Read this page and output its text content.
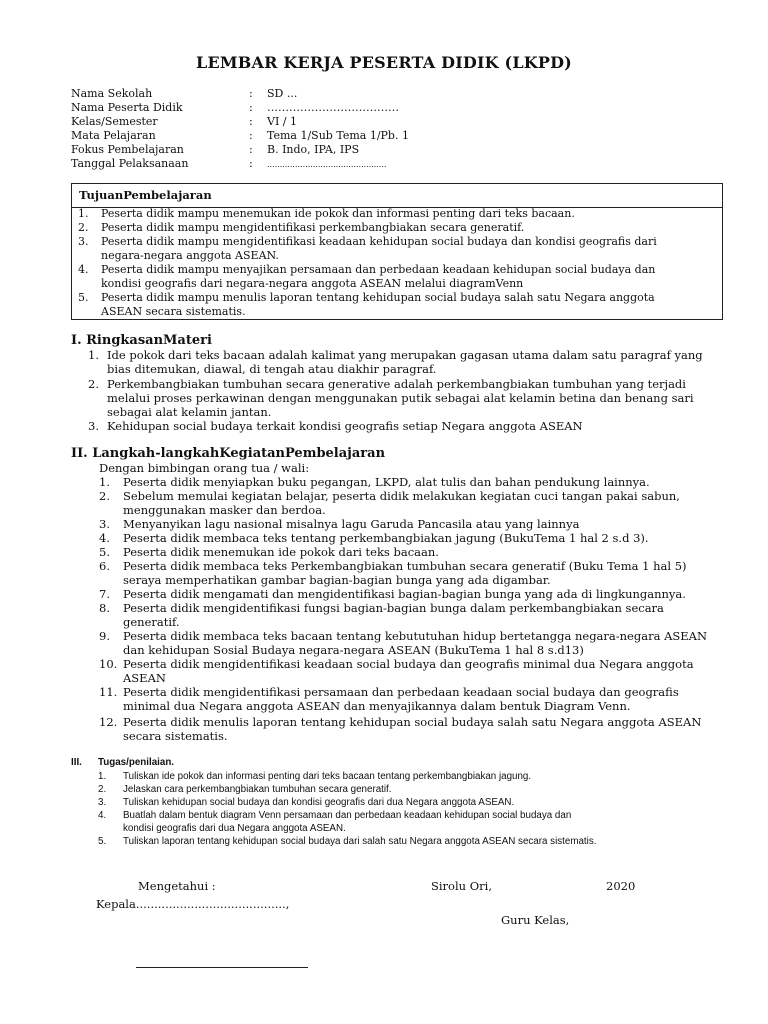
LEMBAR KERJA PESERTA DIDIK (LKPD)
Nama Sekolah	: SD ...
Nama Peserta Didik	: ………………………………
Kelas/Semester	: VI / 1
Mata Pelajaran	: Tema 1/Sub Tema 1/Pb. 1
Fokus Pembelajaran	: B. Indo, IPA, IPS
Tanggal Pelaksanaan	: ...............................................
TujuanPembelajaran
1. Peserta didik mampu menemukan ide pokok dan informasi penting dari teks bacaan.
2. Peserta didik mampu mengidentifikasi perkembangbiakan secara generatif.
3. Peserta didik mampu mengidentifikasi keadaan kehidupan social budaya dan kondisi geografis dari
negara-negara anggota ASEAN.
4. Peserta didik mampu menyajikan persamaan dan perbedaan keadaan kehidupan social budaya dan
kondisi geografis dari negara-negara anggota ASEAN melalui diagramVenn
5. Peserta didik mampu menulis laporan tentang kehidupan social budaya salah satu Negara anggota
ASEAN secara sistematis.
I. RingkasanMateri
1. Ide pokok dari teks bacaan adalah kalimat yang merupakan gagasan utama dalam satu paragraf yang
bias ditemukan, diawal, di tengah atau diakhir paragraf.
2. Perkembangbiakan tumbuhan secara generative adalah perkembangbiakan tumbuhan yang terjadi
melalui proses perkawinan dengan menggunakan putik sebagai alat kelamin betina dan benang sari
sebagai alat kelamin jantan.
3. Kehidupan social budaya terkait kondisi geografis setiap Negara anggota ASEAN
II. Langkah-langkahKegiatanPembelajaran
Dengan bimbingan orang tua / wali:
1. Peserta didik menyiapkan buku pegangan, LKPD, alat tulis dan bahan pendukung lainnya.
2. Sebelum memulai kegiatan belajar, peserta didik melakukan kegiatan cuci tangan pakai sabun,
menggunakan masker dan berdoa.
3. Menyanyikan lagu nasional misalnya lagu Garuda Pancasila atau yang lainnya
4. Peserta didik membaca teks tentang perkembangbiakan jagung (BukuTema 1 hal 2 s.d 3).
5. Peserta didik menemukan ide pokok dari teks bacaan.
6. Peserta didik membaca teks Perkembangbiakan tumbuhan secara generatif (Buku Tema 1 hal 5)
seraya memperhatikan gambar bagian-bagian bunga yang ada digambar.
7. Peserta didik mengamati dan mengidentifikasi bagian-bagian bunga yang ada di lingkungannya.
8. Peserta didik mengidentifikasi fungsi bagian-bagian bunga dalam perkembangbiakan secara
generatif.
9. Peserta didik membaca teks bacaan tentang kebututuhan hidup bertetangga negara-negara ASEAN
dan kehidupan Sosial Budaya negara-negara ASEAN (BukuTema 1 hal 8 s.d13)
10. Peserta didik mengidentifikasi keadaan social budaya dan geografis minimal dua Negara anggota
ASEAN
11. Peserta didik mengidentifikasi persamaan dan perbedaan keadaan social budaya dan geografis
minimal dua Negara anggota ASEAN dan menyajikannya dalam bentuk Diagram Venn.
12. Peserta didik menulis laporan tentang kehidupan social budaya salah satu Negara anggota ASEAN
secara sistematis.
III. Tugas/penilaian.
1. Tuliskan ide pokok dan informasi penting dari teks bacaan tentang perkembangbiakan jagung.
2. Jelaskan cara perkembangbiakan tumbuhan secara generatif.
3. Tuliskan kehidupan social budaya dan kondisi geografis dari dua Negara anggota ASEAN.
4. Buatlah dalam bentuk diagram Venn persamaan dan perbedaan keadaan kehidupan social budaya dan
kondisi geografis dari dua Negara anggota ASEAN.
5. Tuliskan laporan tentang kehidupan social budaya dari salah satu Negara anggota ASEAN secara sistematis.
Mengetahui :	Sirolu Ori,	2020
Kepala.........................................,
Guru Kelas,
